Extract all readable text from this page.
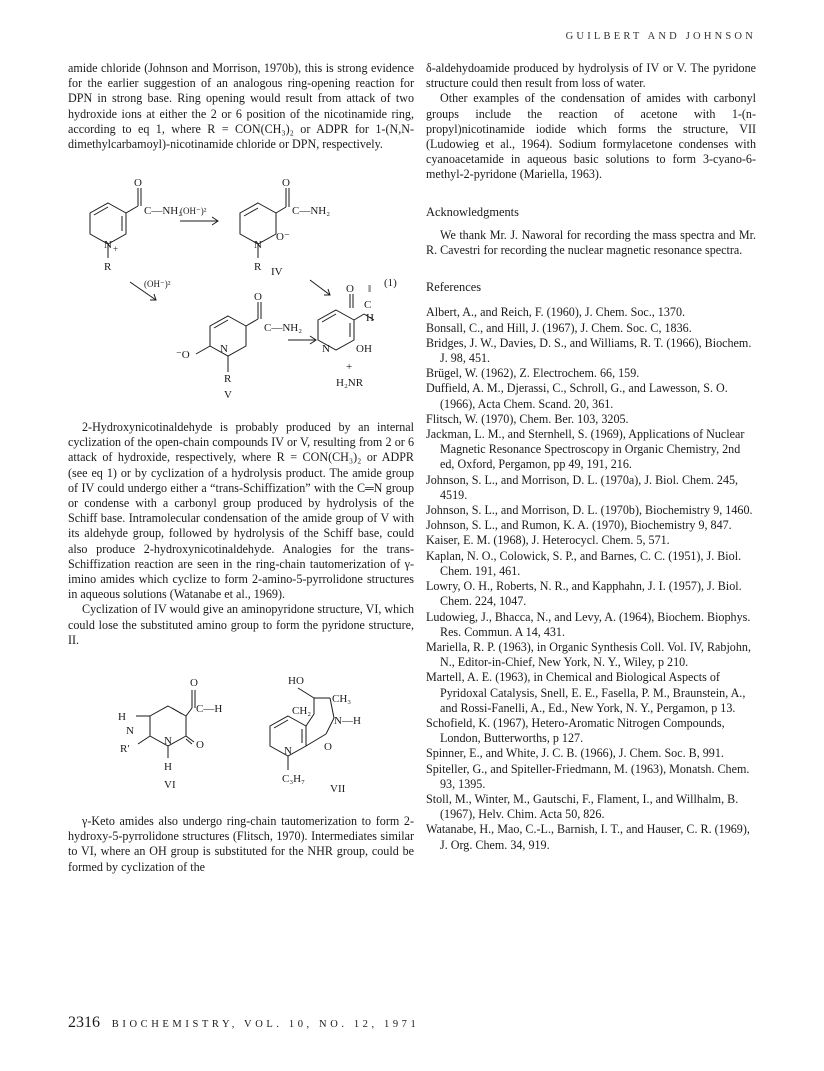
GUILBERT AND JOHNSON

amide chloride (Johnson and Morrison, 1970b), this is strong evidence for the earlier suggestion of an analogous ring-opening reaction for DPN in strong base. Ring opening would result from attack of two hydroxide ions at either the 2 or 6 position of the nicotinamide ring, according to eq 1, where R = CON(CH₃)₂ or ADPR for 1-(N,N-dimethylcarbamoyl)-nicotinamide chloride or DPN, respectively.

O
C—NH₂
+
N
R
(OH⁻)²
O
C—NH₂
N
O⁻
R IV
(OH⁻)²	(1)
O
C—NH₂
⁻O	N
R
V
O
H
N OH
+
H₂NR
‖
C

2-Hydroxynicotinaldehyde is probably produced by an internal cyclization of the open-chain compounds IV or V, resulting from 2 or 6 attack of hydroxide, respectively, where R = CON(CH₃)₂ or ADPR (see eq 1) or by cyclization of a hydrolysis product. The amide group of IV could undergo either a “trans-Schiffization” with the C═N group or condense with a carbonyl group produced by hydrolysis of the Schiff base. Intramolecular condensation of the amide group of V with its aldehyde group, followed by hydrolysis of the Schiff base, could also produce 2-hydroxynicotinaldehyde. Analogies for the trans-Schiffization reaction are seen in the ring-chain tautomerization of γ-imino amides which cyclize to form 2-amino-5-pyrrolidone structures in aqueous solutions (Watanabe et al., 1969).

Cyclization of IV would give an aminopyridone structure, VI, which could lose the substituted amino group to form the pyridone structure, II.

O
C—H
H
N
R′
N O
H
VI
HO
CH₃
CH₂
N—H
N	O
C₃H₇
VII

γ-Keto amides also undergo ring-chain tautomerization to form 2-hydroxy-5-pyrrolidone structures (Flitsch, 1970). Intermediates similar to VI, where an OH group is substituted for the NHR group, could be formed by cyclization of the

δ-aldehydoamide produced by hydrolysis of IV or V. The pyridone structure could then result from loss of water.

Other examples of the condensation of amides with carbonyl groups include the reaction of acetone with 1-(n-propyl)nicotinamide iodide which forms the structure, VII (Ludowieg et al., 1964). Sodium formylacetone condenses with cyanoacetamide in aqueous basic solutions to form 3-cyano-6-methyl-2-pyridone (Mariella, 1963).

Acknowledgments

We thank Mr. J. Naworal for recording the mass spectra and Mr. R. Cavestri for recording the nuclear magnetic resonance spectra.

References

Albert, A., and Reich, F. (1960), J. Chem. Soc., 1370.
Bonsall, C., and Hill, J. (1967), J. Chem. Soc. C, 1836.
Bridges, J. W., Davies, D. S., and Williams, R. T. (1966), Biochem. J. 98, 451.
Brügel, W. (1962), Z. Electrochem. 66, 159.
Duffield, A. M., Djerassi, C., Schroll, G., and Lawesson, S. O. (1966), Acta Chem. Scand. 20, 361.
Flitsch, W. (1970), Chem. Ber. 103, 3205.
Jackman, L. M., and Sternhell, S. (1969), Applications of Nuclear Magnetic Resonance Spectroscopy in Organic Chemistry, 2nd ed, Oxford, Pergamon, pp 49, 191, 216.
Johnson, S. L., and Morrison, D. L. (1970a), J. Biol. Chem. 245, 4519.
Johnson, S. L., and Morrison, D. L. (1970b), Biochemistry 9, 1460.
Johnson, S. L., and Rumon, K. A. (1970), Biochemistry 9, 847.
Kaiser, E. M. (1968), J. Heterocycl. Chem. 5, 571.
Kaplan, N. O., Colowick, S. P., and Barnes, C. C. (1951), J. Biol. Chem. 191, 461.
Lowry, O. H., Roberts, N. R., and Kapphahn, J. I. (1957), J. Biol. Chem. 224, 1047.
Ludowieg, J., Bhacca, N., and Levy, A. (1964), Biochem. Biophys. Res. Commun. A 14, 431.
Mariella, R. P. (1963), in Organic Synthesis Coll. Vol. IV, Rabjohn, N., Editor-in-Chief, New York, N. Y., Wiley, p 210.
Martell, A. E. (1963), in Chemical and Biological Aspects of Pyridoxal Catalysis, Snell, E. E., Fasella, P. M., Braunstein, A., and Rossi-Fanelli, A., Ed., New York, N. Y., Pergamon, p 13.
Schofield, K. (1967), Hetero-Aromatic Nitrogen Compounds, London, Butterworths, p 127.
Spinner, E., and White, J. C. B. (1966), J. Chem. Soc. B, 991.
Spiteller, G., and Spiteller-Friedmann, M. (1963), Monatsh. Chem. 93, 1395.
Stoll, M., Winter, M., Gautschi, F., Flament, I., and Willhalm, B. (1967), Helv. Chim. Acta 50, 826.
Watanabe, H., Mao, C.-L., Barnish, I. T., and Hauser, C. R. (1969), J. Org. Chem. 34, 919.
2316 BIOCHEMISTRY, VOL. 10, NO. 12, 1971
